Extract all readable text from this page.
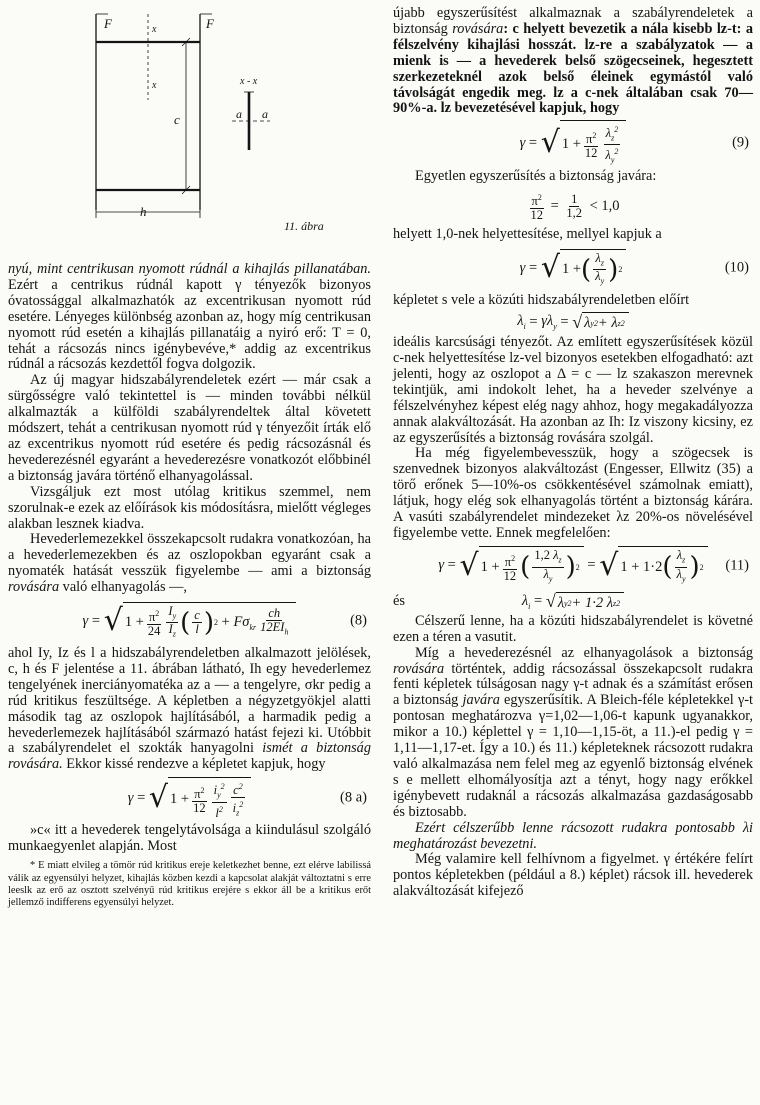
F	F
x
x
c
x - x
a a
h
11. ábra

nyú, mint centrikusan nyomott rúdnál a kihajlás pillanatában. Ezért a centrikus rúdnál kapott γ tényezők bizonyos óvatossággal alkalmazhatók az excentrikusan nyomott rúd esetére. Lényeges különbség azonban az, hogy míg centrikusan nyomott rúd esetén a kihajlás pillanatáig a nyiró erő: T = 0, tehát a rácsozás nincs igénybevéve,* addig az excentrikus rúdnál a rácsozás kezdettől fogva dolgozik.

Az új magyar hidszabályrendeletek ezért — már csak a sürgősségre való tekintettel is — minden további nélkül alkalmazták a külföldi szabályrendeltek által követett módszert, tehát a centrikusan nyomott rúd γ tényezőit írták elő az excentrikus nyomott rúd esetére és pedig rácsozásnál és hevederezésnél egyaránt a hevederezésre vonatkozót előbbinél a biztonság javára történő elhanyagolással.

Vizsgáljuk ezt most utólag kritikus szemmel, nem szorulnak-e ezek az előírások kis módosításra, mielőtt végleges alakban lesznek kiadva.

Hevederlemezekkel összekapcsolt rudakra vonatkozóan, ha a hevederlemezekben és az oszlopokban egyaránt csak a nyomaték hatását vesszük figyelembe — ami a biztonság rovására való elhanyagolás —,

γ = √ $1 + \frac{\pi^2}{24} \frac{I_y}{I_z}$ ( $\frac{c}{l}$ ) $2 + F\sigma_{kr} \frac{ch}{12EI_h}$	(8)

ahol Iy, Iz és l a hidszabályrendeletben alkalmazott jelölések, c, h és F jelentése a 11. ábrában látható, Ih egy hevederlemez tengelyének inerciányomatéka az a — a tengelyre, σkr pedig a rúd kritikus feszültsége. A képletben a négyzetgyökjel alatti második tag az oszlopok hajlításából, a harmadik pedig a hevederlemezek hajlításából származó hatást fejezi ki. Utóbbit a szabályrendelet el szokták hanyagolni ismét a biztonság rovására. Ekkor kissé rendezve a képletet kapjuk, hogy

γ = √ $1 + \frac{\pi^2}{12} \frac{i_y^2}{l^2} \frac{c^2}{i_z^2}$	(8 a)

»c« itt a hevederek tengelytávolsága a kiindulásul szolgáló munkaegyenlet alapján. Most

* E miatt elvileg a tömör rúd kritikus ereje keletkezhet benne, ezt elérve labilissá válik az egyensúlyi helyzet, kihajlás közben kezdi a kapcsolat alakját változtatni s erre leeslk az erő az osztott szelvényű rúd kritikus erejére s ekkor áll be a kritikus erőt jellemző indifferens egyensúlyi helyzet.

újabb egyszerűsítést alkalmaznak a szabályrendeletek a biztonság rovására: c helyett bevezetik a nála kisebb lz-t: a félszelvény kihajlási hosszát. lz-re a szabályzatok — a mienk is — a hevederek belső szögecseinek, hegesztett szerkezeteknél azok belső éleinek egymástól való távolságát engedik meg. lz a c-nek általában csak 70—90%-a. lz bevezetésével kapjuk, hogy

γ = √ $1 + \frac{\pi^2}{12} \frac{\lambda_z^2}{\lambda_y^2}$	(9)

Egyetlen egyszerűsítés a biztonság javára:

$\frac{\pi^2}{12} = \frac{1}{1,2} < 1,0$

helyett 1,0-nek helyettesítése, mellyel kapjuk a

γ = √ 1 + ( $\frac{\lambda_z}{\lambda_y}$ ) 2	(10)

képletet s vele a közúti hidszabályrendeletben előírt

$\lambda_i = \gamma\lambda_y$ = √ λ y 2 + λ z 2

ideális karcsúsági tényezőt. Az említett egyszerűsítések közül c-nek helyettesítése lz-vel bizonyos esetekben elfogadható: azt jelenti, hogy az oszlopot a Δ = c — lz szakaszon merevnek tekintjük, ami indokolt lehet, ha a heveder szelvénye a félszelvényhez képest elég nagy ahhoz, hogy megakadályozza annak alakváltozását. Ha azonban az Ih: Iz viszony kicsiny, ez az egyszerűsítés a biztonság rovására szolgál.

Ha még figyelembevesszük, hogy a szögecsek is szenvednek bizonyos alakváltozást (Engesser, Ellwitz (35) a törő erőnek 5—10%-os csökkentésével számolnak emiatt), látjuk, hogy elég sok elhanyagolás történt a biztonság kárára. A vasúti szabályrendelet mindezeket λz 20%-os növelésével figyelembe vette. Ennek megfelelően:

γ = √ $1 + \frac{\pi^2}{12}$ ( $\frac{1,2 \lambda_z}{\lambda_y}$ ) 2 = √ 1 + 1·2 ( $\frac{\lambda_z}{\lambda_y}$ ) 2 (11)
és	$\lambda_i$ = √ λ y 2 + 1·2 λ z 2

Célszerű lenne, ha a közúti hidszabályrendelet is követné ezen a téren a vasutit.

Míg a hevederezésnél az elhanyagolások a biztonság rovására történtek, addig rácsozással összekapcsolt rudakra fenti képletek túlságosan nagy γ-t adnak és a számítást erősen a biztonság javára egyszerűsítik. A Bleich-féle képletekkel γ-t pontosan meghatározva γ=1,02—1,06-t kapunk ugyanakkor, mikor a 10.) képlettel γ = 1,10—1,15-öt, a 11.)-el pedig γ = 1,11—1,17-et. Így a 10.) és 11.) képleteknek rácsozott rudakra való alkalmazása nem felel meg az egyenlő biztonság elvének s e mellett elhomályosítja azt a tényt, hogy nagy erőkkel igénybevett rudaknál a rácsozás alkalmazása gazdaságosabb és biztosabb.

Ezért célszerűbb lenne rácsozott rudakra pontosabb λi meghatározást bevezetni.

Még valamire kell felhívnom a figyelmet. γ értékére felírt pontos képletekben (például a 8.) képlet) rácsok ill. hevederek alakváltozását kifejező
